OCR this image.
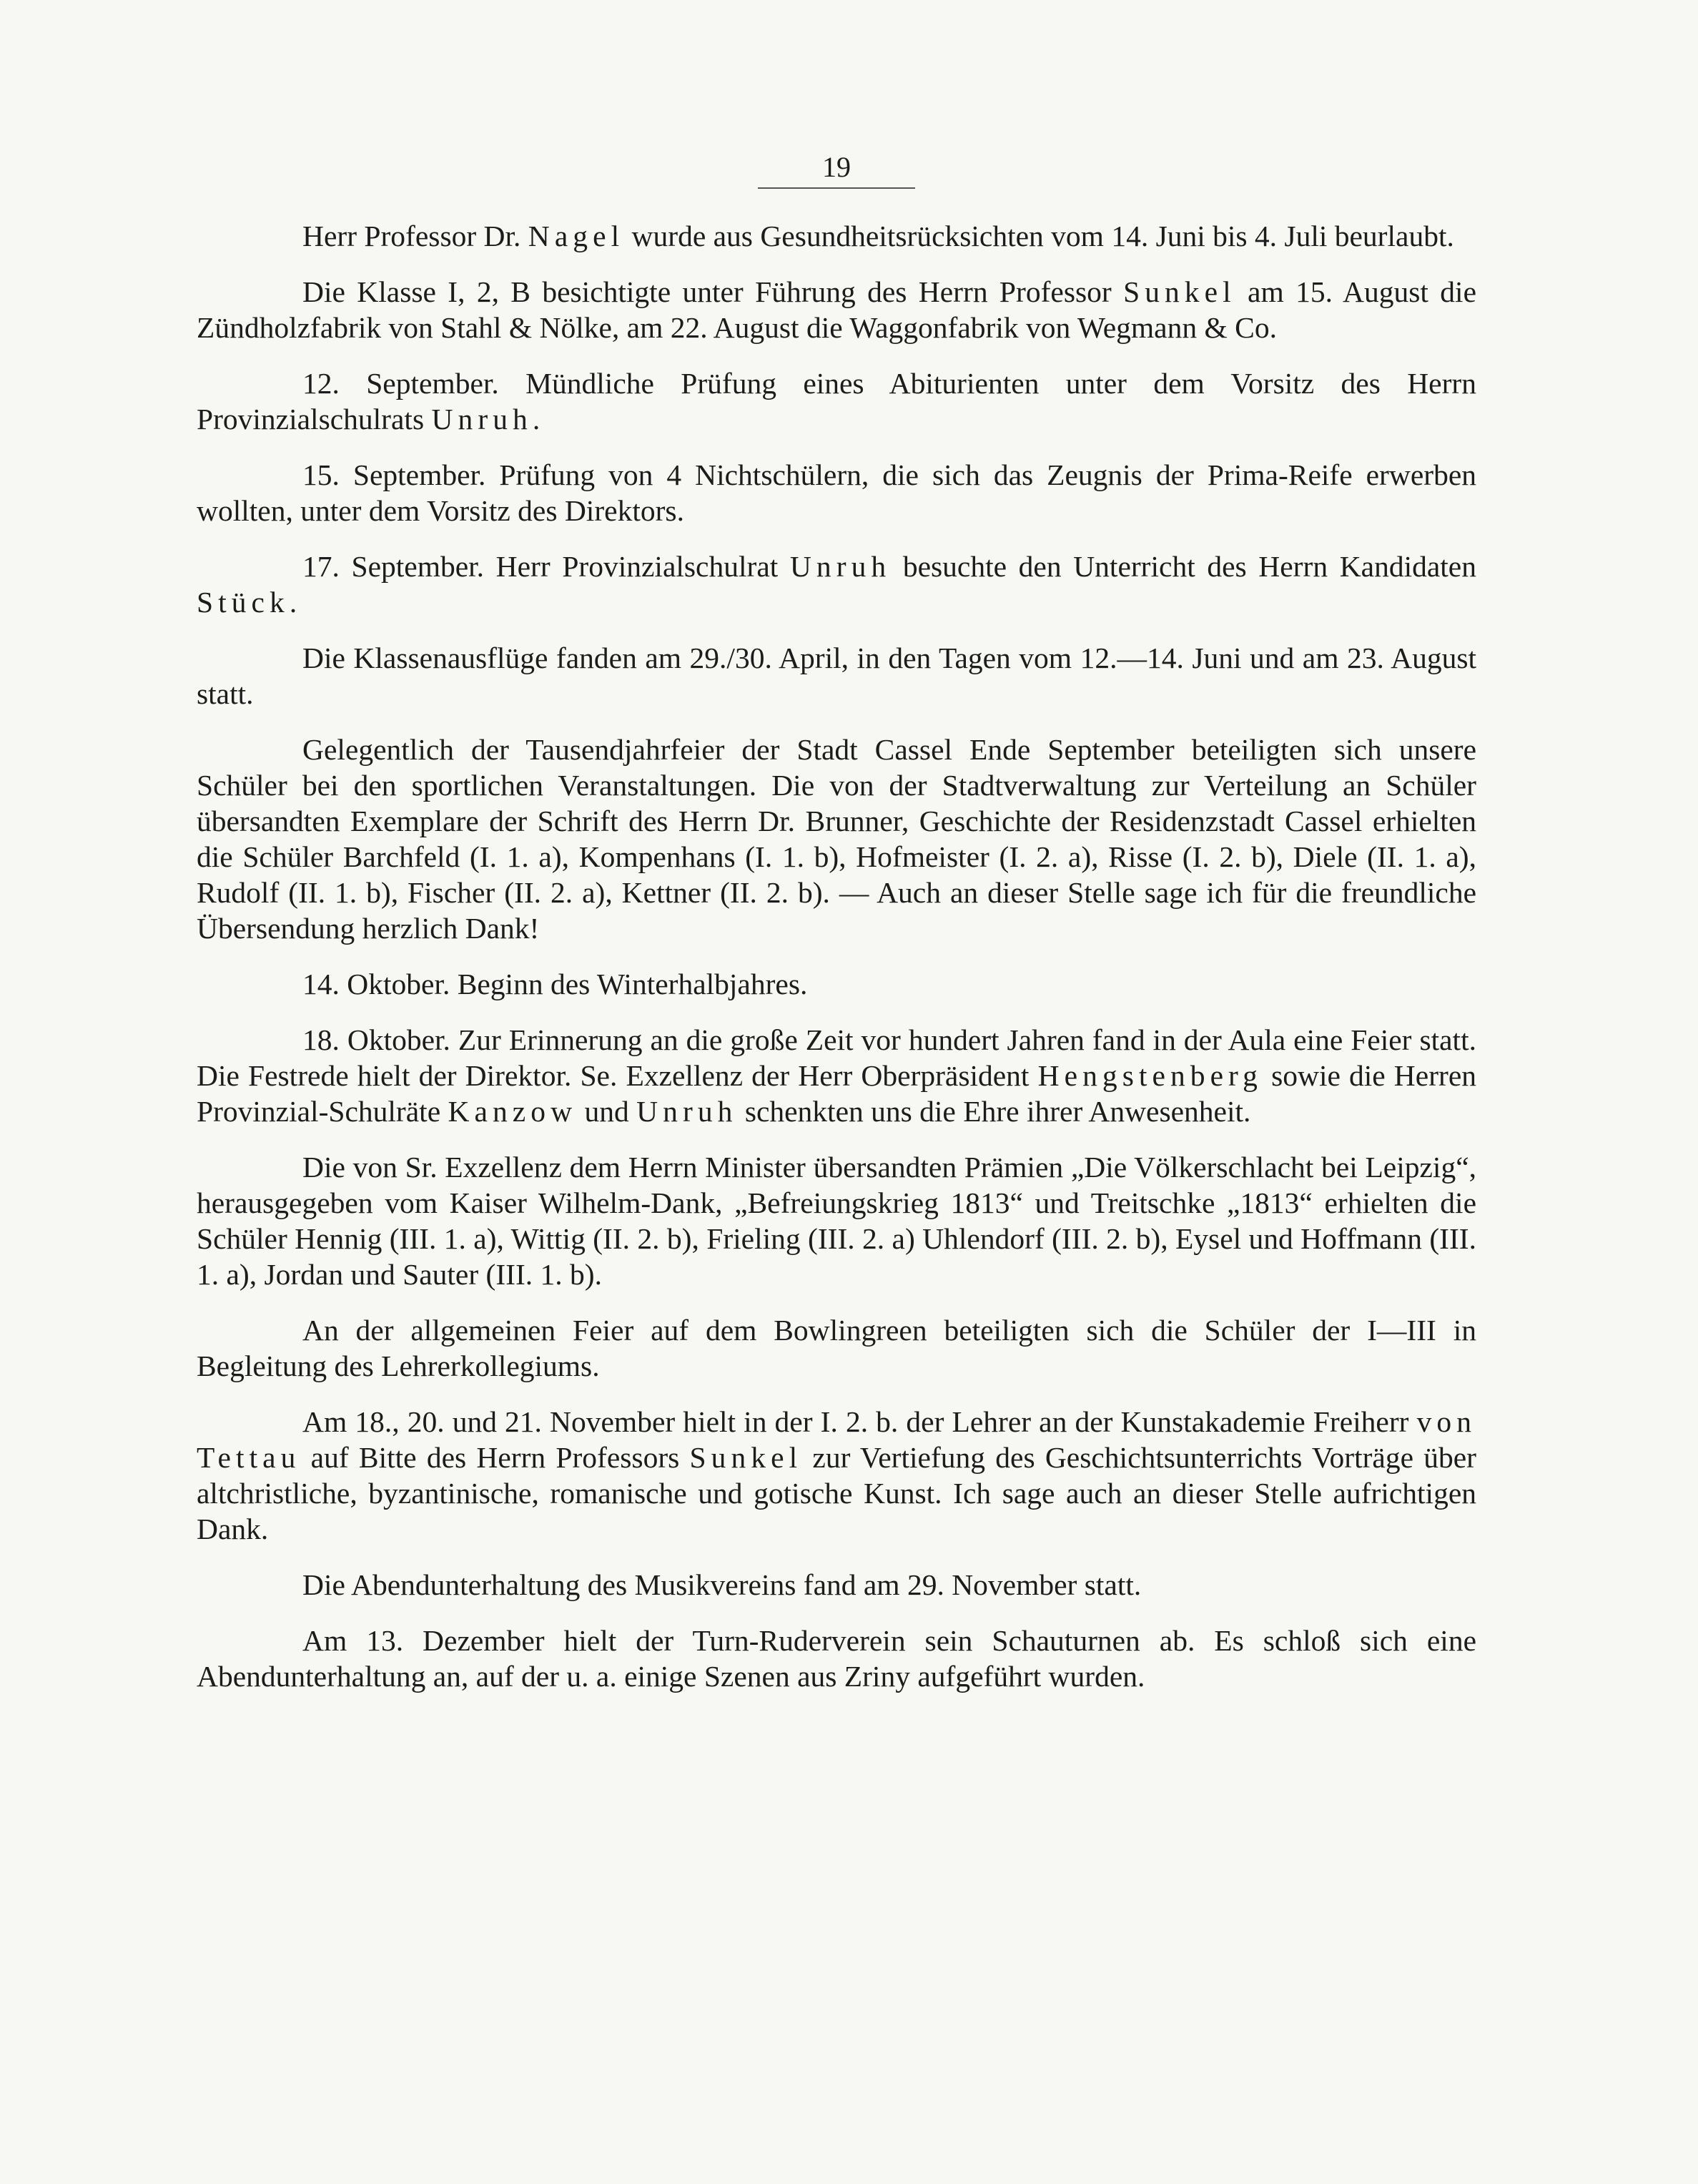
19

Herr Professor Dr. Nagel wurde aus Gesundheitsrücksichten vom 14. Juni bis 4. Juli beurlaubt.

Die Klasse I, 2, B besichtigte unter Führung des Herrn Professor Sunkel am 15. August die Zündholzfabrik von Stahl & Nölke, am 22. August die Waggonfabrik von Wegmann & Co.

12. September. Mündliche Prüfung eines Abiturienten unter dem Vorsitz des Herrn Provinzialschulrats Unruh.

15. September. Prüfung von 4 Nichtschülern, die sich das Zeugnis der Prima-Reife erwerben wollten, unter dem Vorsitz des Direktors.

17. September. Herr Provinzialschulrat Unruh besuchte den Unterricht des Herrn Kandidaten Stück.

Die Klassenausflüge fanden am 29./30. April, in den Tagen vom 12.—14. Juni und am 23. August statt.

Gelegentlich der Tausendjahrfeier der Stadt Cassel Ende September beteiligten sich unsere Schüler bei den sportlichen Veranstaltungen. Die von der Stadtverwaltung zur Verteilung an Schüler übersandten Exemplare der Schrift des Herrn Dr. Brunner, Geschichte der Residenzstadt Cassel erhielten die Schüler Barchfeld (I. 1. a), Kompenhans (I. 1. b), Hofmeister (I. 2. a), Risse (I. 2. b), Diele (II. 1. a), Rudolf (II. 1. b), Fischer (II. 2. a), Kettner (II. 2. b). — Auch an dieser Stelle sage ich für die freundliche Übersendung herzlich Dank!

14. Oktober. Beginn des Winterhalbjahres.

18. Oktober. Zur Erinnerung an die große Zeit vor hundert Jahren fand in der Aula eine Feier statt. Die Festrede hielt der Direktor. Se. Exzellenz der Herr Oberpräsident Hengstenberg sowie die Herren Provinzial-Schulräte Kanzow und Unruh schenkten uns die Ehre ihrer Anwesenheit.

Die von Sr. Exzellenz dem Herrn Minister übersandten Prämien „Die Völkerschlacht bei Leipzig“, herausgegeben vom Kaiser Wilhelm-Dank, „Befreiungskrieg 1813“ und Treitschke „1813“ erhielten die Schüler Hennig (III. 1. a), Wittig (II. 2. b), Frieling (III. 2. a) Uhlendorf (III. 2. b), Eysel und Hoffmann (III. 1. a), Jordan und Sauter (III. 1. b).

An der allgemeinen Feier auf dem Bowlingreen beteiligten sich die Schüler der I—III in Begleitung des Lehrerkollegiums.

Am 18., 20. und 21. November hielt in der I. 2. b. der Lehrer an der Kunstakademie Freiherr von Tettau auf Bitte des Herrn Professors Sunkel zur Vertiefung des Geschichtsunterrichts Vorträge über altchristliche, byzantinische, romanische und gotische Kunst. Ich sage auch an dieser Stelle aufrichtigen Dank.

Die Abendunterhaltung des Musikvereins fand am 29. November statt.

Am 13. Dezember hielt der Turn-Ruderverein sein Schauturnen ab. Es schloß sich eine Abendunterhaltung an, auf der u. a. einige Szenen aus Zriny aufgeführt wurden.
